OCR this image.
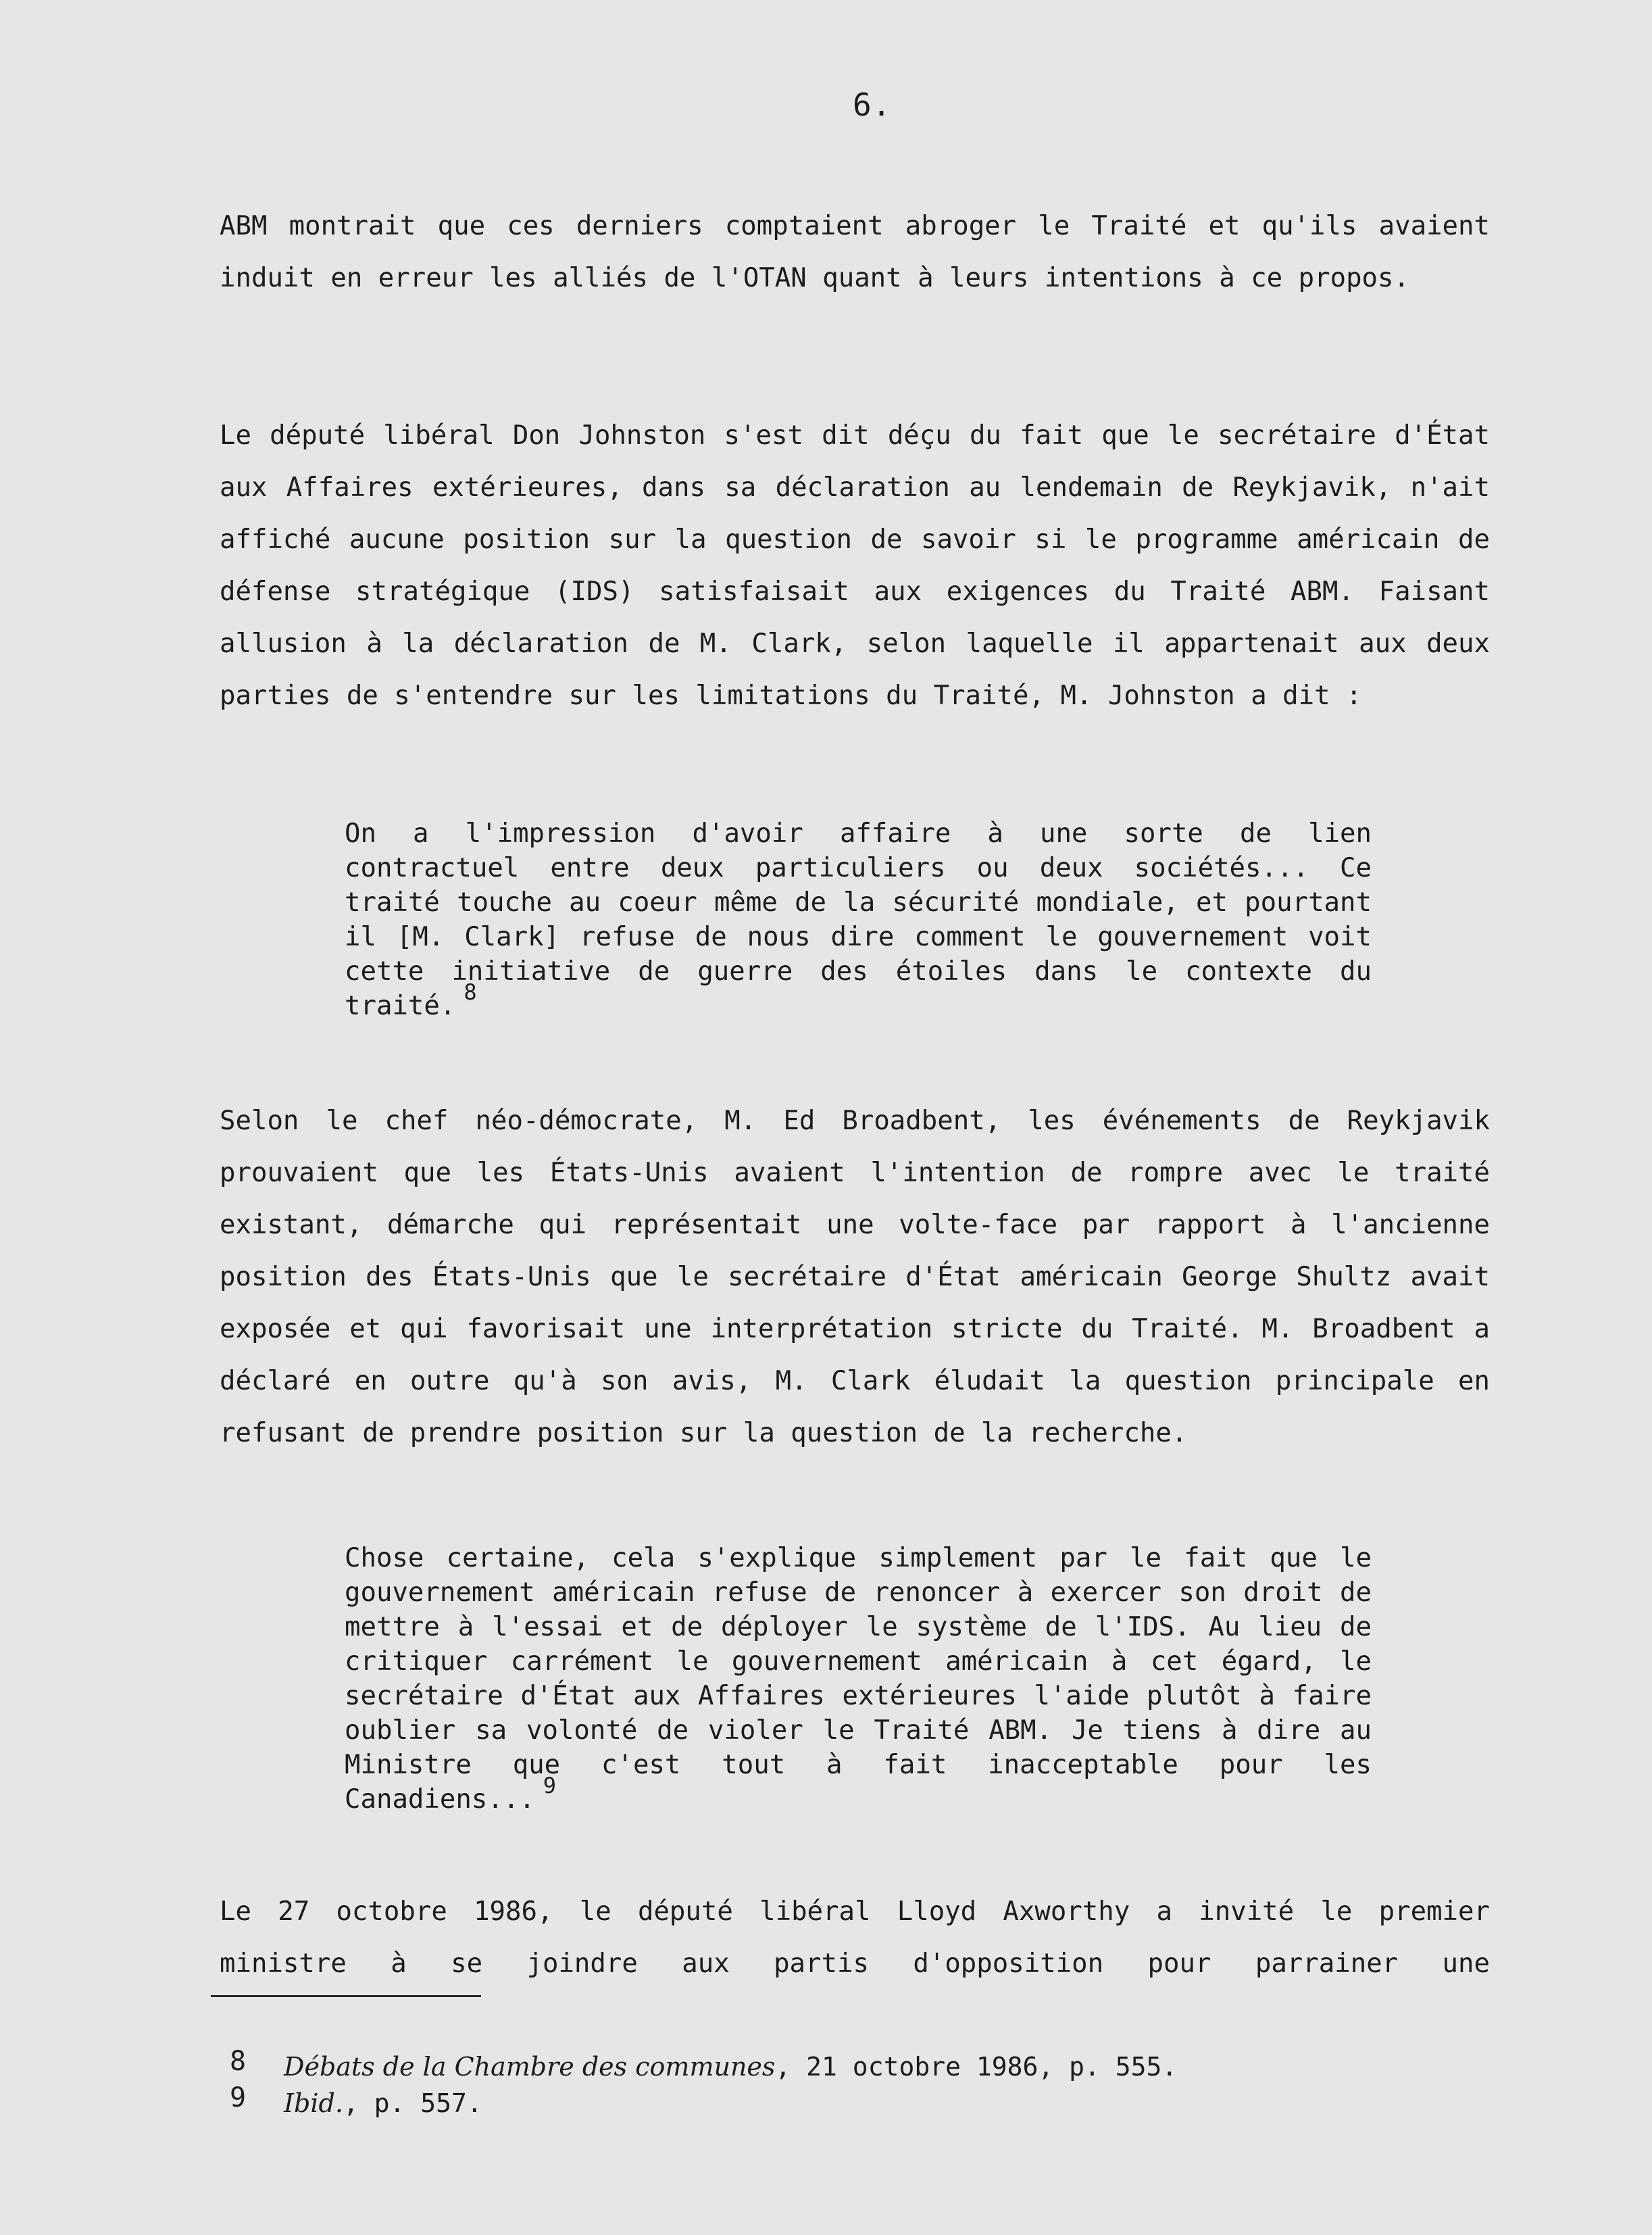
6.

ABM montrait que ces derniers comptaient abroger le Traité et qu'ils avaient induit en erreur les alliés de l'OTAN quant à leurs intentions à ce propos.

Le député libéral Don Johnston s'est dit déçu du fait que le secrétaire d'État aux Affaires extérieures, dans sa déclaration au lendemain de Reykjavik, n'ait affiché aucune position sur la question de savoir si le programme américain de défense stratégique (IDS) satisfaisait aux exigences du Traité ABM. Faisant allusion à la déclaration de M. Clark, selon laquelle il appartenait aux deux parties de s'entendre sur les limitations du Traité, M. Johnston a dit :

On a l'impression d'avoir affaire à une sorte de lien contractuel entre deux particuliers ou deux sociétés... Ce traité touche au coeur même de la sécurité mondiale, et pourtant il [M. Clark] refuse de nous dire comment le gouvernement voit cette initiative de guerre des étoiles dans le contexte du traité. $^8$

Selon le chef néo-démocrate, M. Ed Broadbent, les événements de Reykjavik prouvaient que les États-Unis avaient l'intention de rompre avec le traité existant, démarche qui représentait une volte-face par rapport à l'ancienne position des États-Unis que le secrétaire d'État américain George Shultz avait exposée et qui favorisait une interprétation stricte du Traité. M. Broadbent a déclaré en outre qu'à son avis, M. Clark éludait la question principale en refusant de prendre position sur la question de la recherche.

Chose certaine, cela s'explique simplement par le fait que le gouvernement américain refuse de renoncer à exercer son droit de mettre à l'essai et de déployer le système de l'IDS. Au lieu de critiquer carrément le gouvernement américain à cet égard, le secrétaire d'État aux Affaires extérieures l'aide plutôt à faire oublier sa volonté de violer le Traité ABM. Je tiens à dire au Ministre que c'est tout à fait inacceptable pour les Canadiens... $^9$

Le 27 octobre 1986, le député libéral Lloyd Axworthy a invité le premier ministre à se joindre aux partis d'opposition pour parrainer une

8 Débats de la Chambre des communes, 21 octobre 1986, p. 555.
9 Ibid., p. 557.
